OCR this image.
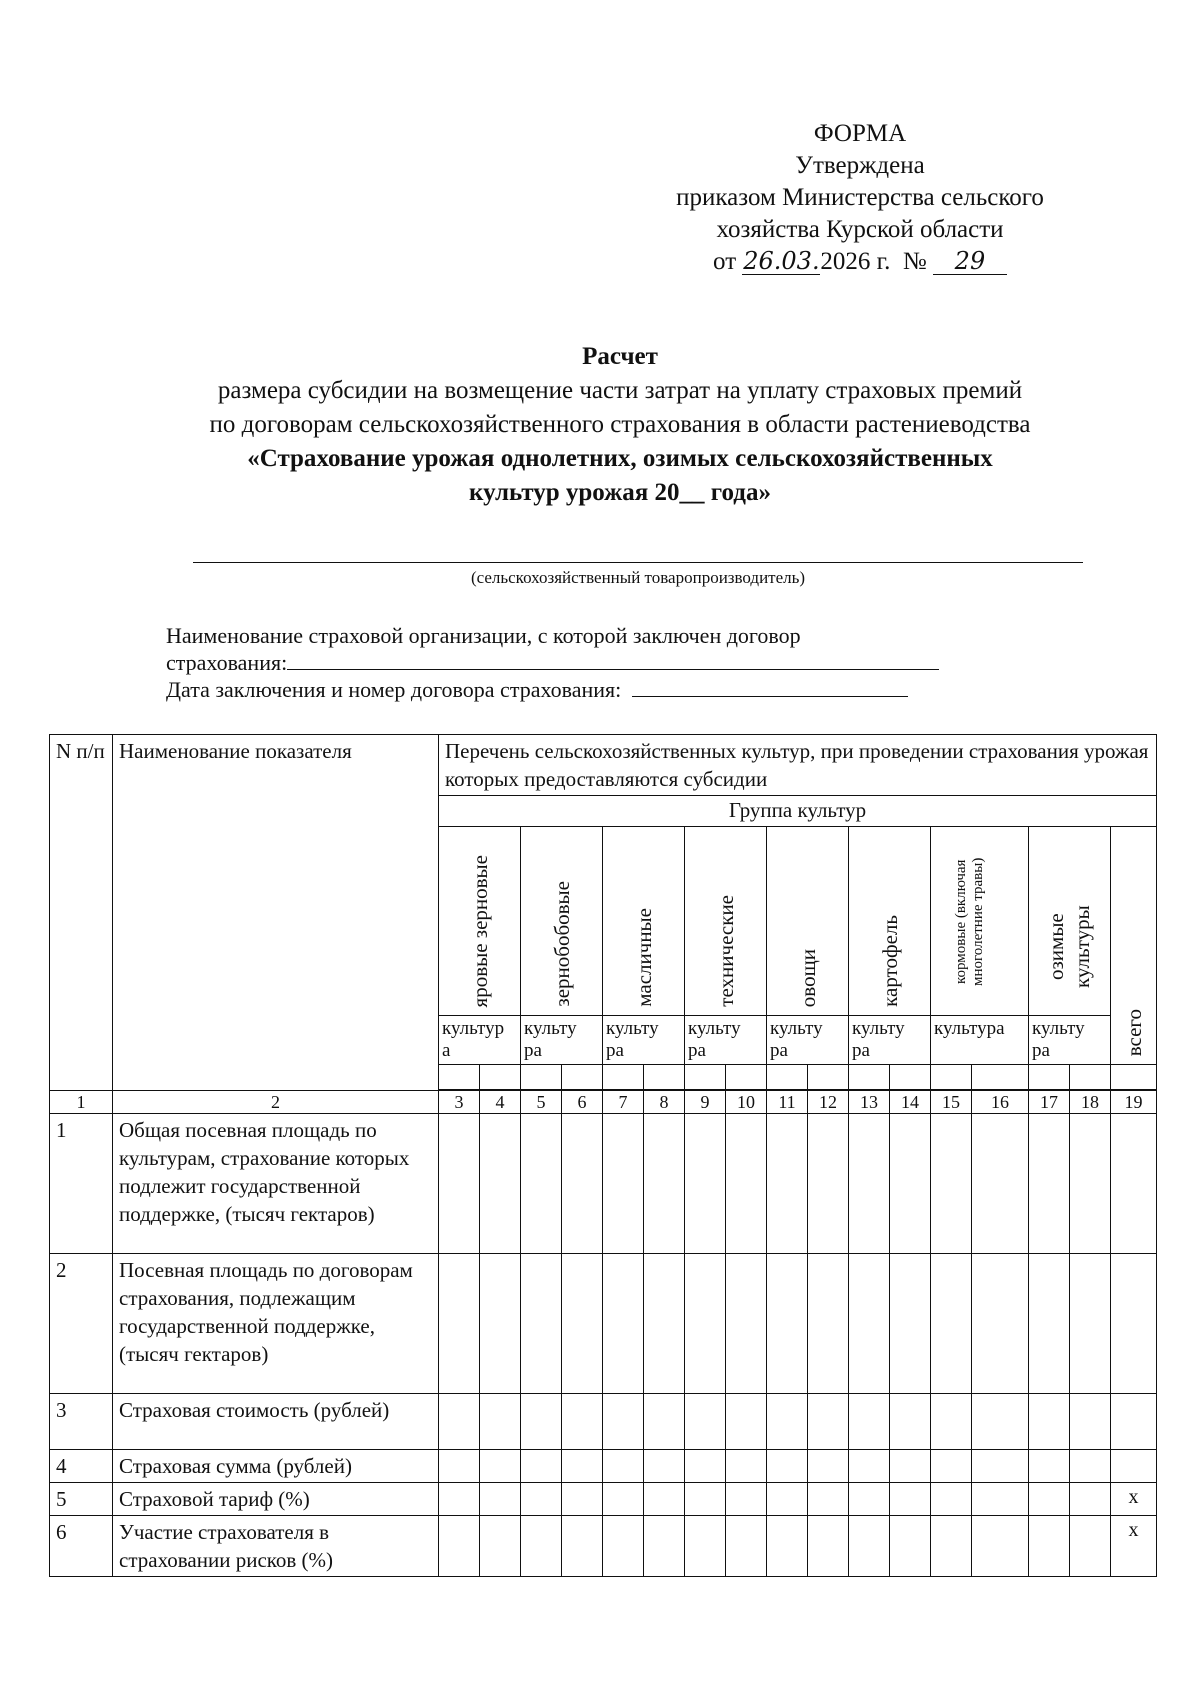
ФОРМА
Утверждена
приказом Министерства сельского
хозяйства Курской области
от 26.03.2026 г. № 29
Расчет
размера субсидии на возмещение части затрат на уплату страховых премий
по договорам сельскохозяйственного страхования в области растениеводства
«Страхование урожая однолетних, озимых сельскохозяйственных
культур урожая 20__ года»
(сельскохозяйственный товаропроизводитель)
Наименование страховой организации, с которой заключен договор
страхования:
Дата заключения и номер договора страхования:
N п/п	Наименование показателя	Перечень сельскохозяйственных культур, при проведении страхования урожая которых предоставляются субсидии																
		Группа культур																

		яровые зерновые		зернобобовые		масличные		технические		овощи		картофель		кормовые (включая многолетние травы)		озимые культуры		всего

		культур а		культу ра		культу ра		культу ра		культу ра		культу ра		культура		культу ра		

1	2	3	4	5	6	7	8	9	10	11	12	13	14	15	16	17	18	19
1	Общая посевная площадь по культурам, страхование которых подлежит государственной поддержке, (тысяч гектаров)																	
2	Посевная площадь по договорам страхования, подлежащим государственной поддержке, (тысяч гектаров)																	
3	Страховая стоимость (рублей)																	
4	Страховая сумма (рублей)																	
5	Страховой тариф (%)																	x
6	Участие страхователя в страховании рисков (%)																	x
